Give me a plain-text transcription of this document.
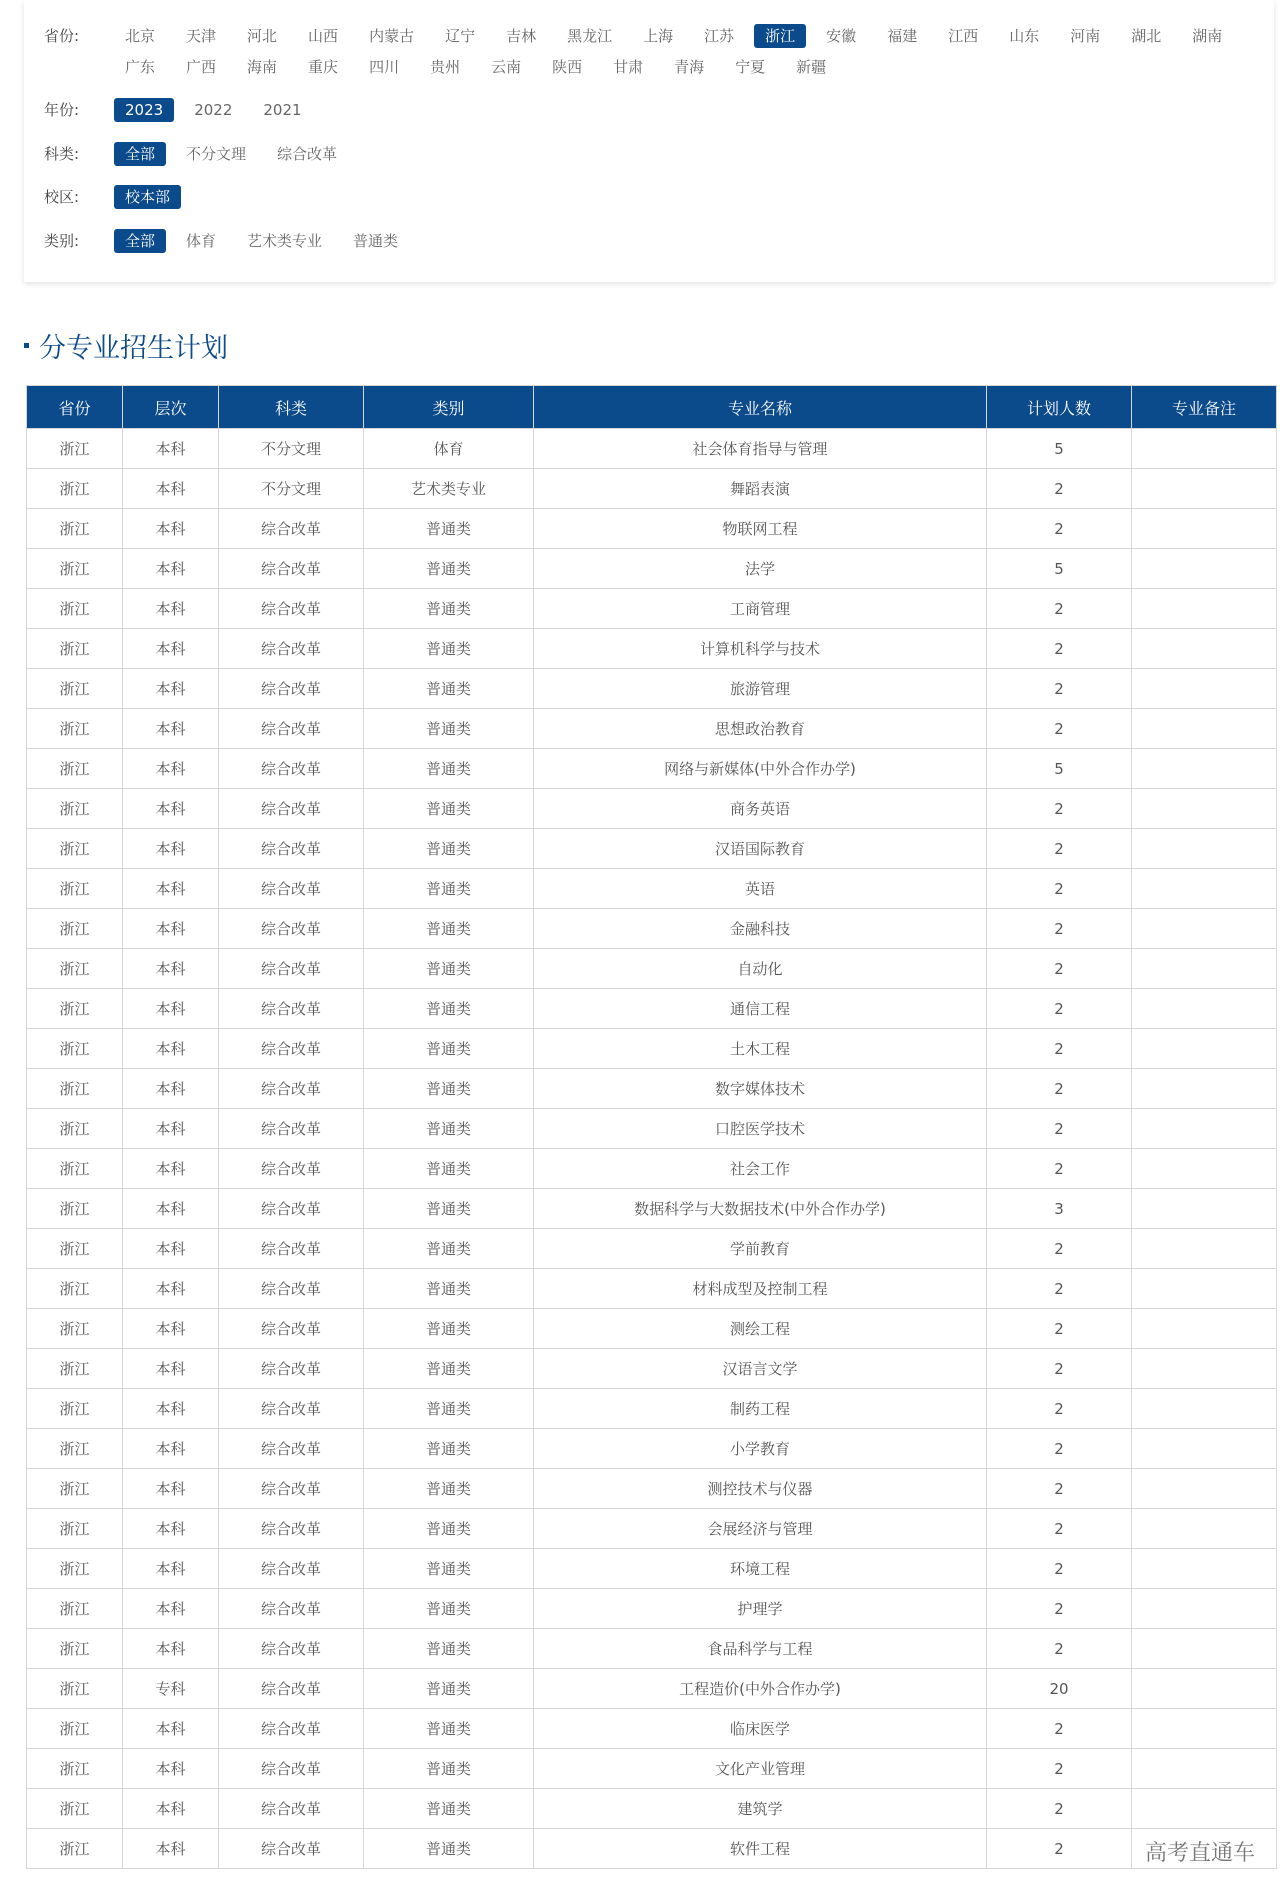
省份:	北京	天津	河北	山西	内蒙古	辽宁	吉林	黑龙江	上海	江苏	浙江	安徽	福建	江西	山东	河南	湖北	湖南
广东	广西	海南	重庆	四川	贵州	云南	陕西	甘肃	青海	宁夏	新疆
年份:	2023	2022	2021
科类:	全部	不分文理	综合改革
校区:	校本部
类别:	全部	体育	艺术类专业	普通类
分专业招生计划
省份	层次	科类	类别	专业名称	计划人数	专业备注
浙江	本科	不分文理	体育	社会体育指导与管理	5	
浙江	本科	不分文理	艺术类专业	舞蹈表演	2	
浙江	本科	综合改革	普通类	物联网工程	2	
浙江	本科	综合改革	普通类	法学	5	
浙江	本科	综合改革	普通类	工商管理	2	
浙江	本科	综合改革	普通类	计算机科学与技术	2	
浙江	本科	综合改革	普通类	旅游管理	2	
浙江	本科	综合改革	普通类	思想政治教育	2	
浙江	本科	综合改革	普通类	网络与新媒体(中外合作办学)	5	
浙江	本科	综合改革	普通类	商务英语	2	
浙江	本科	综合改革	普通类	汉语国际教育	2	
浙江	本科	综合改革	普通类	英语	2	
浙江	本科	综合改革	普通类	金融科技	2	
浙江	本科	综合改革	普通类	自动化	2	
浙江	本科	综合改革	普通类	通信工程	2	
浙江	本科	综合改革	普通类	土木工程	2	
浙江	本科	综合改革	普通类	数字媒体技术	2	
浙江	本科	综合改革	普通类	口腔医学技术	2	
浙江	本科	综合改革	普通类	社会工作	2	
浙江	本科	综合改革	普通类	数据科学与大数据技术(中外合作办学)	3	
浙江	本科	综合改革	普通类	学前教育	2	
浙江	本科	综合改革	普通类	材料成型及控制工程	2	
浙江	本科	综合改革	普通类	测绘工程	2	
浙江	本科	综合改革	普通类	汉语言文学	2	
浙江	本科	综合改革	普通类	制药工程	2	
浙江	本科	综合改革	普通类	小学教育	2	
浙江	本科	综合改革	普通类	测控技术与仪器	2	
浙江	本科	综合改革	普通类	会展经济与管理	2	
浙江	本科	综合改革	普通类	环境工程	2	
浙江	本科	综合改革	普通类	护理学	2	
浙江	本科	综合改革	普通类	食品科学与工程	2	
浙江	专科	综合改革	普通类	工程造价(中外合作办学)	20	
浙江	本科	综合改革	普通类	临床医学	2	
浙江	本科	综合改革	普通类	文化产业管理	2	
浙江	本科	综合改革	普通类	建筑学	2	
浙江	本科	综合改革	普通类	软件工程	2		高考直通车
